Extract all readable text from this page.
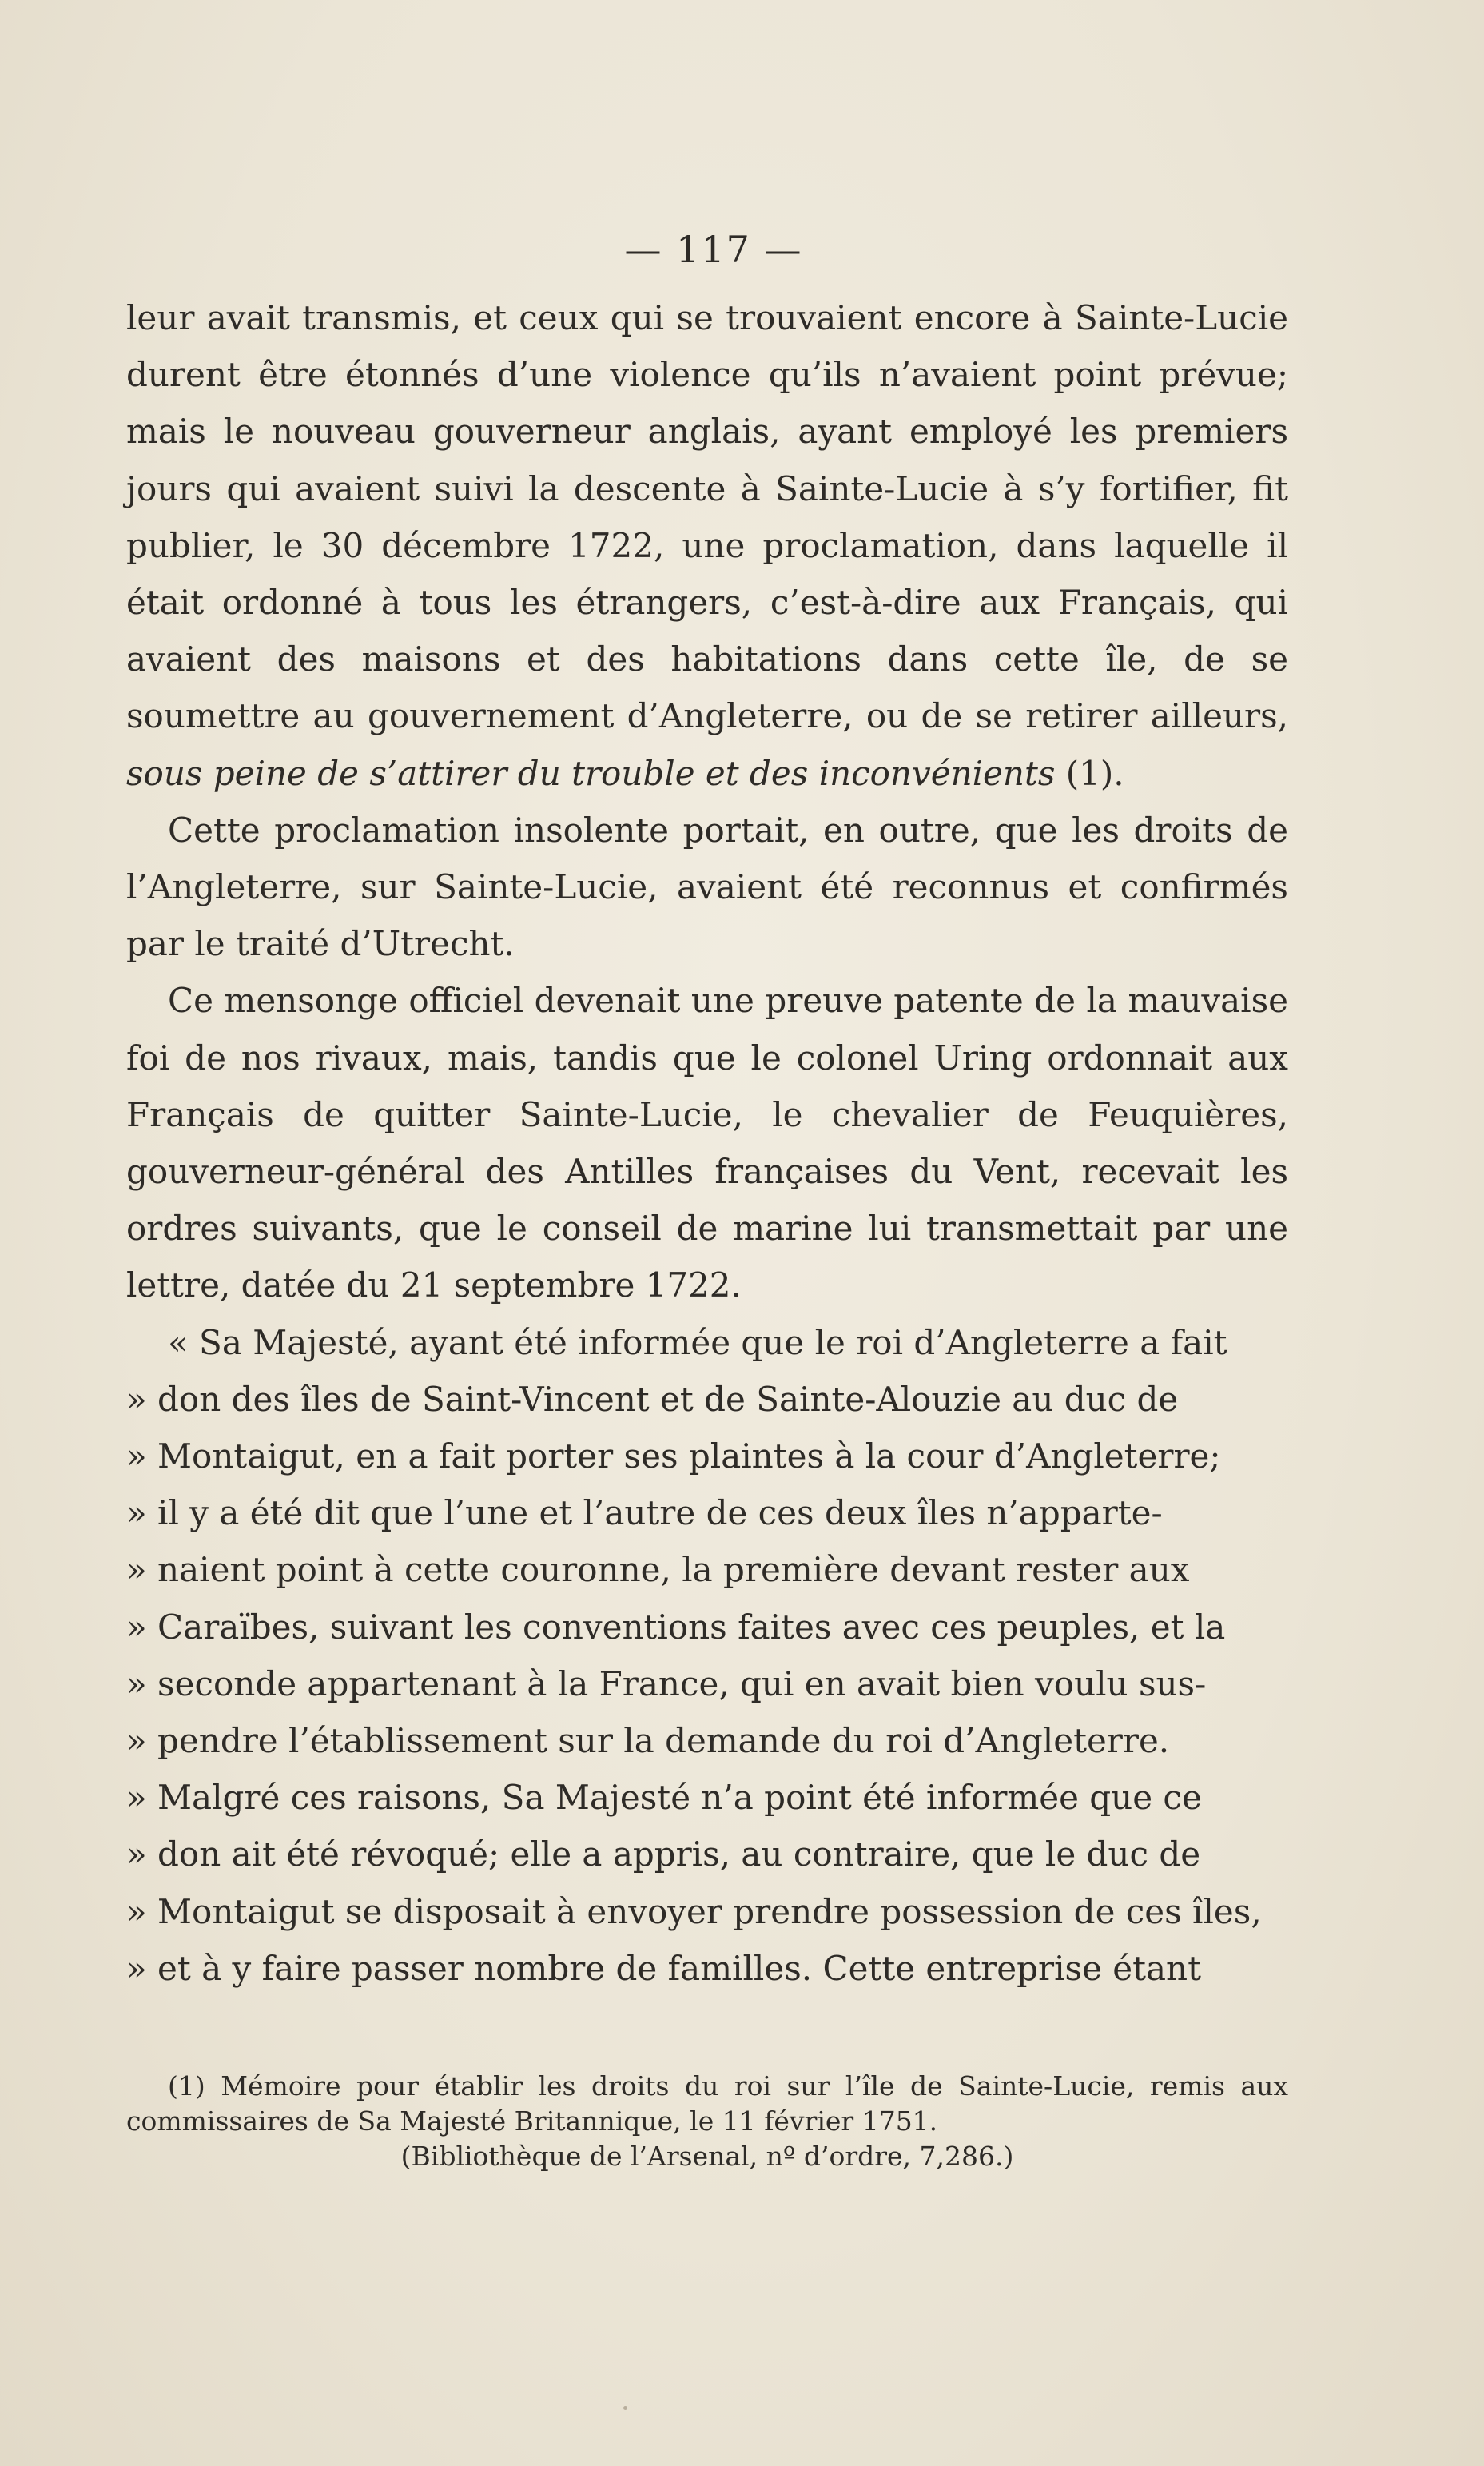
— 117 —

leur avait transmis, et ceux qui se trouvaient encore à Sainte-Lucie durent être étonnés d’une violence qu’ils n’avaient point prévue; mais le nouveau gouverneur anglais, ayant employé les premiers jours qui avaient suivi la descente à Sainte-Lucie à s’y fortifier, fit publier, le 30 décembre 1722, une proclamation, dans laquelle il était ordonné à tous les étrangers, c’est-à-dire aux Français, qui avaient des maisons et des habitations dans cette île, de se soumettre au gouvernement d’Angleterre, ou de se retirer ailleurs, sous peine de s’attirer du trouble et des inconvénients (1).

Cette proclamation insolente portait, en outre, que les droits de l’Angleterre, sur Sainte-Lucie, avaient été reconnus et confirmés par le traité d’Utrecht.

Ce mensonge officiel devenait une preuve patente de la mauvaise foi de nos rivaux, mais, tandis que le colonel Uring ordonnait aux Français de quitter Sainte-Lucie, le chevalier de Feuquières, gouverneur-général des Antilles françaises du Vent, recevait les ordres suivants, que le conseil de marine lui transmettait par une lettre, datée du 21 septembre 1722.

« Sa Majesté, ayant été informée que le roi d’Angleterre a fait
» don des îles de Saint-Vincent et de Sainte-Alouzie au duc de
» Montaigut, en a fait porter ses plaintes à la cour d’Angleterre;
» il y a été dit que l’une et l’autre de ces deux îles n’apparte-
» naient point à cette couronne, la première devant rester aux
» Caraïbes, suivant les conventions faites avec ces peuples, et la
» seconde appartenant à la France, qui en avait bien voulu sus-
» pendre l’établissement sur la demande du roi d’Angleterre.
» Malgré ces raisons, Sa Majesté n’a point été informée que ce
» don ait été révoqué; elle a appris, au contraire, que le duc de
» Montaigut se disposait à envoyer prendre possession de ces îles,
» et à y faire passer nombre de familles. Cette entreprise étant

(1) Mémoire pour établir les droits du roi sur l’île de Sainte-Lucie, remis aux commissaires de Sa Majesté Britannique, le 11 février 1751.

(Bibliothèque de l’Arsenal, nº d’ordre, 7,286.)
